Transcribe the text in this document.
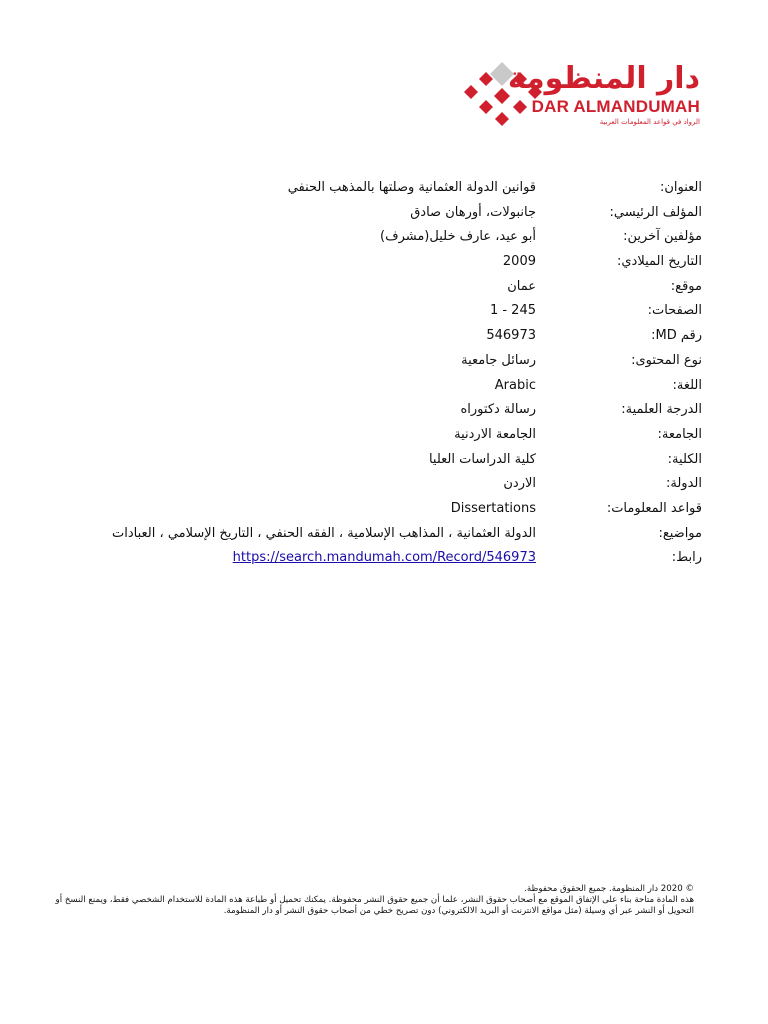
دار المنظومة
DAR ALMANDUMAH
الرواد في قواعد المعلومات العربية
العنوان:
قوانين الدولة العثمانية وصلتها بالمذهب الحنفي
المؤلف الرئيسي:
جانبولات، أورهان صادق
مؤلفين آخرين:
أبو عيد، عارف خليل(مشرف)
التاريخ الميلادي:
2009
موقع:
عمان
الصفحات:
1 - 245
رقم MD:
546973
نوع المحتوى:
رسائل جامعية
اللغة:
Arabic
الدرجة العلمية:
رسالة دكتوراه
الجامعة:
الجامعة الاردنية
الكلية:
كلية الدراسات العليا
الدولة:
الاردن
قواعد المعلومات:
Dissertations
مواضيع:
الدولة العثمانية ، المذاهب الإسلامية ، الفقه الحنفي ، التاريخ الإسلامي ، العبادات
رابط:
https://search.mandumah.com/Record/546973

© 2020 دار المنظومة. جميع الحقوق محفوظة.

هذه المادة متاحة بناء على الإتفاق الموقع مع أصحاب حقوق النشر، علما أن جميع حقوق النشر محفوظة. يمكنك تحميل أو طباعة هذه المادة للاستخدام الشخصي فقط، ويمنع النسخ أو التحويل أو النشر عبر أي وسيلة (مثل مواقع الانترنت أو البريد الالكتروني) دون تصريح خطي من أصحاب حقوق النشر أو دار المنظومة.
